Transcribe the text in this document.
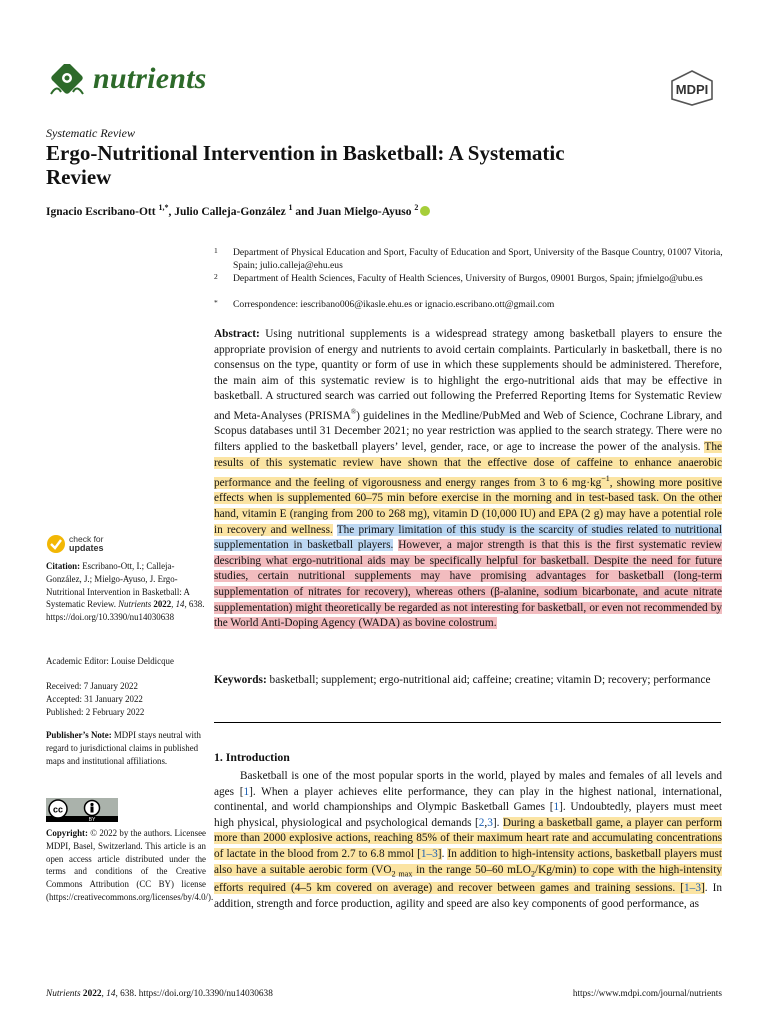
nutrients	MDPI
Systematic Review
Ergo-Nutritional Intervention in Basketball: A Systematic Review
Ignacio Escribano-Ott $^{1,*}$, Julio Calleja-González $^1$ and Juan Mielgo-Ayuso $^2$
1 Department of Physical Education and Sport, Faculty of Education and Sport, University of the Basque Country, 01007 Vitoria, Spain; julio.calleja@ehu.eus
2 Department of Health Sciences, Faculty of Health Sciences, University of Burgos, 09001 Burgos, Spain; jfmielgo@ubu.es
* Correspondence: iescribano006@ikasle.ehu.es or ignacio.escribano.ott@gmail.com
Abstract: Using nutritional supplements is a widespread strategy among basketball players to ensure the appropriate provision of energy and nutrients to avoid certain complaints. Particularly in basketball, there is no consensus on the type, quantity or form of use in which these supplements should be administered. Therefore, the main aim of this systematic review is to highlight the ergo-nutritional aids that may be effective in basketball. A structured search was carried out following the Preferred Reporting Items for Systematic Review and Meta-Analyses (PRISMA®) guidelines in the Medline/PubMed and Web of Science, Cochrane Library, and Scopus databases until 31 December 2021; no year restriction was applied to the search strategy. There were no filters applied to the basketball players’ level, gender, race, or age to increase the power of the analysis. The results of this systematic review have shown that the effective dose of caffeine to enhance anaerobic performance and the feeling of vigorousness and energy ranges from 3 to 6 $mg\cdot kg^{-1}$, showing more positive effects when is supplemented 60–75 min before exercise in the morning and in test-based task. On the other hand, vitamin E (ranging from 200 to 268 mg), vitamin D (10,000 IU) and EPA (2 g) may have a potential role in recovery and wellness. The primary limitation of this study is the scarcity of studies related to nutritional supplementation in basketball players. However, a major strength is that this is the first systematic review describing what ergo-nutritional aids may be specifically helpful for basketball. Despite the need for future studies, certain nutritional supplements may have promising advantages for basketball (long-term supplementation of nitrates for recovery), whereas others (β-alanine, sodium bicarbonate, and acute nitrate supplementation) might theoretically be regarded as not interesting for basketball, or even not recommended by the World Anti-Doping Agency (WADA) as bovine colostrum.
Keywords: basketball; supplement; ergo-nutritional aid; caffeine; creatine; vitamin D; recovery; performance
1. Introduction
Basketball is one of the most popular sports in the world, played by males and females of all levels and ages [1]. When a player achieves elite performance, they can play in the highest national, international, continental, and world championships and Olympic Basketball Games [1]. Undoubtedly, players must meet high physical, physiological and psychological demands [2,3]. During a basketball game, a player can perform more than 2000 explosive actions, reaching 85% of their maximum heart rate and accumulating concentrations of lactate in the blood from 2.7 to 6.8 mmol [1–3]. In addition to high-intensity actions, basketball players must also have a suitable aerobic form ($VO_{2 max}$ in the range 50–60 mLO$_2$/Kg/min) to cope with the high-intensity efforts required (4–5 km covered on average) and recover between games and training sessions. [1–3]. In addition, strength and force production, agility and speed are also key components of good performance, as
check for
updates
Citation: Escribano-Ott, I.; Calleja-González, J.; Mielgo-Ayuso, J. Ergo-Nutritional Intervention in Basketball: A Systematic Review. Nutrients 2022, 14, 638. https://doi.org/10.3390/nu14030638
Academic Editor: Louise Deldicque
Received: 7 January 2022
Accepted: 31 January 2022
Published: 2 February 2022
Publisher’s Note: MDPI stays neutral with regard to jurisdictional claims in published maps and institutional affiliations.
cc
BY
Copyright: © 2022 by the authors. Licensee MDPI, Basel, Switzerland. This article is an open access article distributed under the terms and conditions of the Creative Commons Attribution (CC BY) license (https://creativecommons.org/licenses/by/4.0/).
Nutrients 2022, 14, 638. https://doi.org/10.3390/nu14030638	https://www.mdpi.com/journal/nutrients
